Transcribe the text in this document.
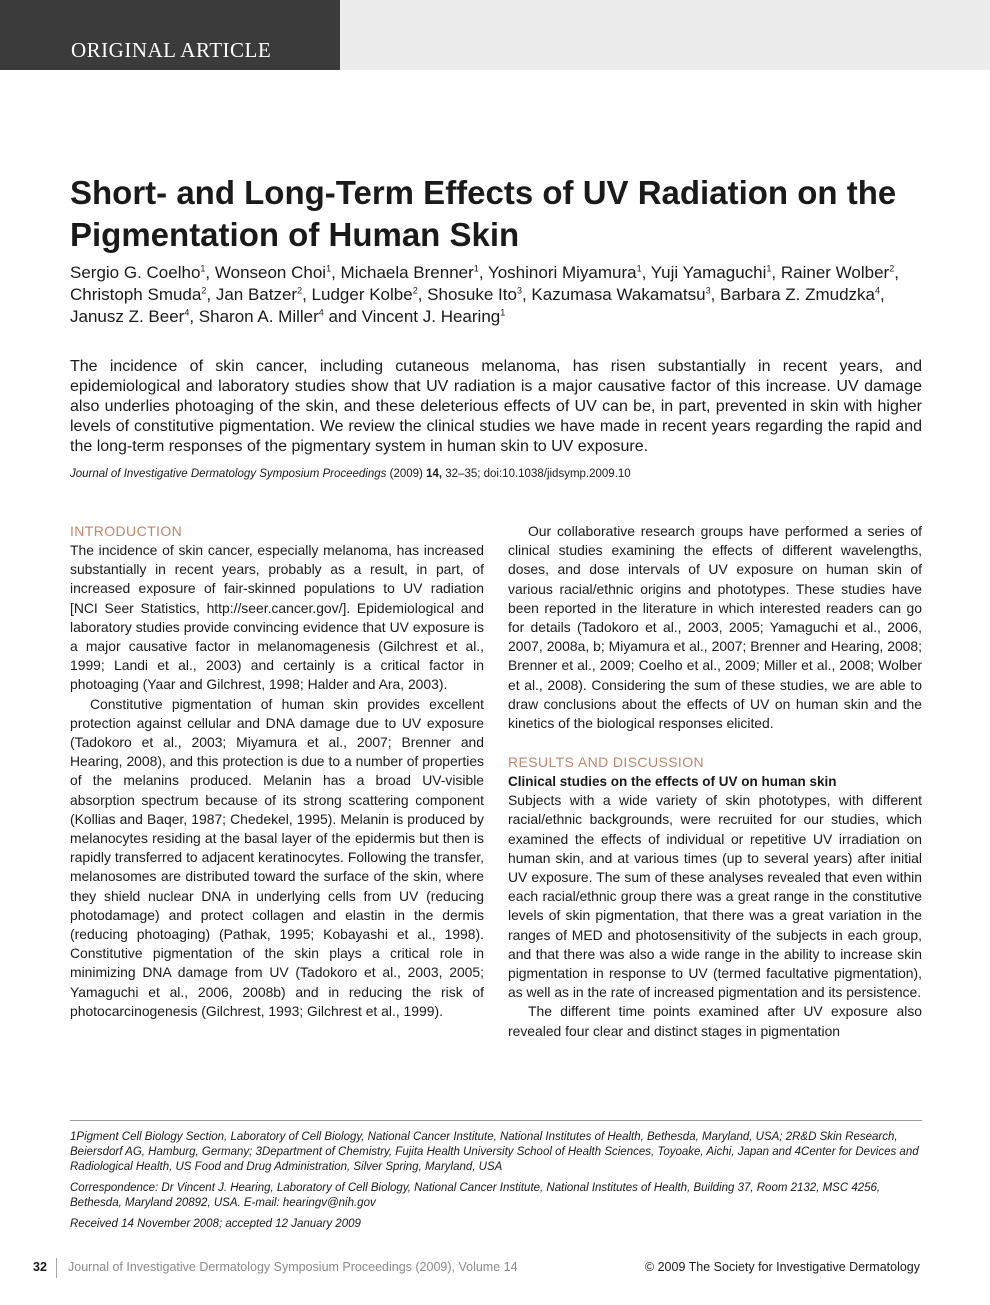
ORIGINAL ARTICLE
Short- and Long-Term Effects of UV Radiation on the Pigmentation of Human Skin
Sergio G. Coelho$^1$, Wonseon Choi$^1$, Michaela Brenner$^1$, Yoshinori Miyamura$^1$, Yuji Yamaguchi$^1$, Rainer Wolber$^2$, Christoph Smuda$^2$, Jan Batzer$^2$, Ludger Kolbe$^2$, Shosuke Ito$^3$, Kazumasa Wakamatsu$^3$, Barbara Z. Zmudzka$^4$, Janusz Z. Beer$^4$, Sharon A. Miller$^4$ and Vincent J. Hearing$^1$
The incidence of skin cancer, including cutaneous melanoma, has risen substantially in recent years, and epidemiological and laboratory studies show that UV radiation is a major causative factor of this increase. UV damage also underlies photoaging of the skin, and these deleterious effects of UV can be, in part, prevented in skin with higher levels of constitutive pigmentation. We review the clinical studies we have made in recent years regarding the rapid and the long-term responses of the pigmentary system in human skin to UV exposure.
Journal of Investigative Dermatology Symposium Proceedings (2009) 14, 32–35; doi:10.1038/jidsymp.2009.10
INTRODUCTION

The incidence of skin cancer, especially melanoma, has increased substantially in recent years, probably as a result, in part, of increased exposure of fair-skinned populations to UV radiation [NCI Seer Statistics, http://seer.cancer.gov/]. Epidemiological and laboratory studies provide convincing evidence that UV exposure is a major causative factor in melanomagenesis (Gilchrest et al., 1999; Landi et al., 2003) and certainly is a critical factor in photoaging (Yaar and Gilchrest, 1998; Halder and Ara, 2003).

Constitutive pigmentation of human skin provides excellent protection against cellular and DNA damage due to UV exposure (Tadokoro et al., 2003; Miyamura et al., 2007; Brenner and Hearing, 2008), and this protection is due to a number of properties of the melanins produced. Melanin has a broad UV-visible absorption spectrum because of its strong scattering component (Kollias and Baqer, 1987; Chedekel, 1995). Melanin is produced by melanocytes residing at the basal layer of the epidermis but then is rapidly transferred to adjacent keratinocytes. Following the transfer, melanosomes are distributed toward the surface of the skin, where they shield nuclear DNA in underlying cells from UV (reducing photodamage) and protect collagen and elastin in the dermis (reducing photoaging) (Pathak, 1995; Kobayashi et al., 1998). Constitutive pigmentation of the skin plays a critical role in minimizing DNA damage from UV (Tadokoro et al., 2003, 2005; Yamaguchi et al., 2006, 2008b) and in reducing the risk of photocarcinogenesis (Gilchrest, 1993; Gilchrest et al., 1999).

Our collaborative research groups have performed a series of clinical studies examining the effects of different wavelengths, doses, and dose intervals of UV exposure on human skin of various racial/ethnic origins and phototypes. These studies have been reported in the literature in which interested readers can go for details (Tadokoro et al., 2003, 2005; Yamaguchi et al., 2006, 2007, 2008a, b; Miyamura et al., 2007; Brenner and Hearing, 2008; Brenner et al., 2009; Coelho et al., 2009; Miller et al., 2008; Wolber et al., 2008). Considering the sum of these studies, we are able to draw conclusions about the effects of UV on human skin and the kinetics of the biological responses elicited.

RESULTS AND DISCUSSION
Clinical studies on the effects of UV on human skin

Subjects with a wide variety of skin phototypes, with different racial/ethnic backgrounds, were recruited for our studies, which examined the effects of individual or repetitive UV irradiation on human skin, and at various times (up to several years) after initial UV exposure. The sum of these analyses revealed that even within each racial/ethnic group there was a great range in the constitutive levels of skin pigmentation, that there was a great variation in the ranges of MED and photosensitivity of the subjects in each group, and that there was also a wide range in the ability to increase skin pigmentation in response to UV (termed facultative pigmentation), as well as in the rate of increased pigmentation and its persistence.

The different time points examined after UV exposure also revealed four clear and distinct stages in pigmentation

1Pigment Cell Biology Section, Laboratory of Cell Biology, National Cancer Institute, National Institutes of Health, Bethesda, Maryland, USA; 2R&D Skin Research, Beiersdorf AG, Hamburg, Germany; 3Department of Chemistry, Fujita Health University School of Health Sciences, Toyoake, Aichi, Japan and 4Center for Devices and Radiological Health, US Food and Drug Administration, Silver Spring, Maryland, USA

Correspondence: Dr Vincent J. Hearing, Laboratory of Cell Biology, National Cancer Institute, National Institutes of Health, Building 37, Room 2132, MSC 4256, Bethesda, Maryland 20892, USA. E-mail: hearingv@nih.gov

Received 14 November 2008; accepted 12 January 2009

32 Journal of Investigative Dermatology Symposium Proceedings (2009), Volume 14	© 2009 The Society for Investigative Dermatology
